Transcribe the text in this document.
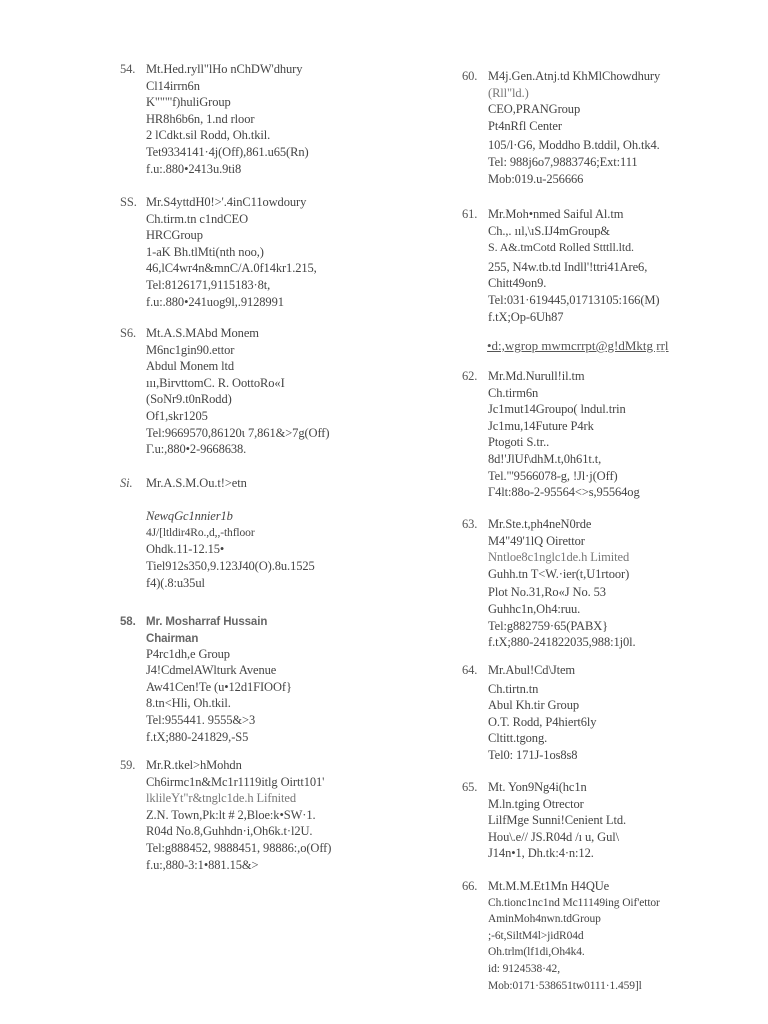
54. Mt.Hed.ryll"lHo nChDW'dhury
Cl14irrn6n
K"""'f)huliGroup
HR8h6b6n, 1.nd rloor
2 lCdkt.sil Rodd, Oh.tkil.
Tet9334141·4j(Off),861.u65(Rn)
f.u:.880•2413u.9ti8
SS. Mr.S4yttdH0!>'.4inC11owdoury
Ch.tirm.tn c1ndCEO
HRCGroup
1-aK Bh.tlMti(nth noo,)
46,lC4wr4n&mnC/A.0f14kr1.215,
Tel:8126171,9115183·8t,
f.u:.880•241uog9l,.9128991
S6. Mt.A.S.MAbd Monem
M6nc1gin90.ettor
Abdul Monem ltd
ııı,BirvttomC. R. OottoRo«I
(SoNr9.t0nRodd)
Of1,skr1205
Tel:9669570,86120ι 7,861&>7g(Off)
Γ.u:,880•2-9668638.
Si.	Mr.A.S.M.Ou.t!>etn

NewqGc1nnier1b
4J/[ltldir4Ro.,d,,-thfloor
Ohdk.11-12.15•
Tiel912s350,9.123J40(O).8u.1525
f4)(.8:u35ul
58. Mr. Mosharraf Hussain
Chairman
P4rc1dh,e Group
J4!CdmelAWlturk Avenue
Aw41Cen!Te (u•12d1FIOOf}
8.tn<Hli, Oh.tkil.
Tel:955441. 9555&>3
f.tX;880-241829,-S5
59. Mr.R.tkel>hMohdn
Ch6irmc1n&Mc1r1119itlg Oirtt101'
lklileYt"r&tnglc1de.h Lifnited
Z.N. Town,Pk:lt # 2,Bloe:k•SW·1.
R04d No.8,Guhhdn·i,Oh6k.t·l2U.
Tel:g888452, 9888451, 98886:,o(Off)
f.u:,880-3:1•881.15&>
60. M4j.Gen.Atnj.td KhMlChowdhury
(Rll"ld.)
CEO,PRANGroup
Pt4nRfl Center
105/l·G6, Moddho B.tddil, Oh.tk4.
Tel: 988j6o7,9883746;Ext:111
Mob:019.u-256666
61. Mr.Moh•nmed Saiful Al.tm
Ch.,. ııl,\ıS.IJ4mGroup&
S. A&.tmCotd Rolled Stttll.ltd.
255, N4w.tb.td Indll'!ttri41Are6,
Chitt49on9.
Tel:031·619445,01713105:166(M)
f.tX;Op-6Uh87
•d:,wgrop mwmcrrpt@g!dMktg ṟṟl
62. Mr.Md.Nurull!il.tm
Ch.tirm6n
Jc1mut14Groupo( lndul.trin
Jc1mu,14Future P4rk
Ptogoti S.tr..
8d!'JlUf\dhM.t,0h61t.t,
Tel."'9566078-g, !Jl·j(Off)
Γ4lt:88o-2-95564<>s,95564og
63. Mr.Ste.t,ph4neN0rde
M4"49'1lQ Oirettor
Nntloe8c1nglc1de.h Limited
Guhh.tn T<W.·ier(t,U1rtoor)
Plot No.31,Ro«J No. 53
Guhhc1n,Oh4:ruu.
Tel:g882759·65(PABX}
f.tX;880-241822035,988:1j0l.
64. Mr.Abul!Cd\Jtem
Ch.tirtn.tn
Abul Kh.tir Group
O.T. Rodd, P4hiert6ly
Cltitt.tgong.
Tel0: 171J-1os8s8
65. Mt. Yon9Ng4i(hc1n
M.ln.tging Otrector
LilfMge Sunni!Cenient Ltd.
Hou\.e// JS.R04d /ı u, Gul\
J14n•1, Dh.tk:4·n:12.
66. Mt.M.M.Et1Mn H4QUe
Ch.tionc1nc1nd Mc11149ing Oif'ettor
AminMoh4nwn.tdGroup
;-6t,SiltM4l>jidR04d
Oh.trlm(lf1di,Oh4k4.
id: 9124538·42,
Mob:0171·538651tw0111·1.459]l
